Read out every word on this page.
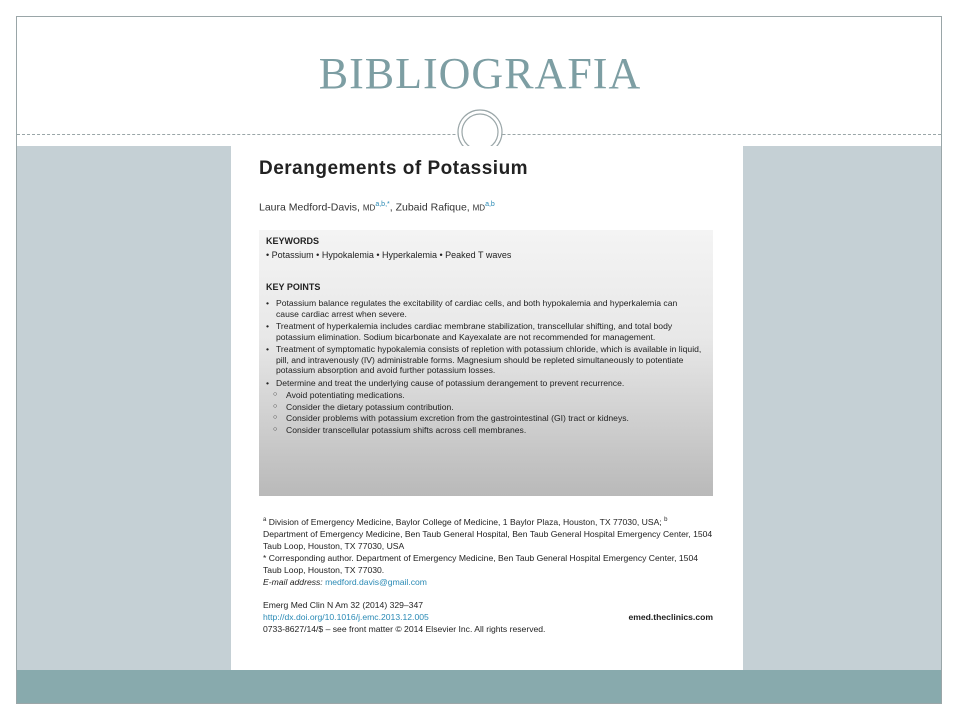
BIBLIOGRAFIA
Derangements of Potassium
Laura Medford-Davis, $MD^{a,b,*}$, Zubaid Rafique, MD$^{a,b}$
KEYWORDS
• Potassium • Hypokalemia • Hyperkalemia • Peaked T waves
KEY POINTS
• Potassium balance regulates the excitability of cardiac cells, and both hypokalemia and hyperkalemia can cause cardiac arrest when severe.
• Treatment of hyperkalemia includes cardiac membrane stabilization, transcellular shifting, and total body potassium elimination. Sodium bicarbonate and Kayexalate are not recommended for management.
• Treatment of symptomatic hypokalemia consists of repletion with potassium chloride, which is available in liquid, pill, and intravenously (IV) administrable forms. Magnesium should be repleted simultaneously to potentiate potassium absorption and avoid further potassium losses.
• Determine and treat the underlying cause of potassium derangement to prevent recurrence.
○ Avoid potentiating medications.
○ Consider the dietary potassium contribution.
○ Consider problems with potassium excretion from the gastrointestinal (GI) tract or kidneys.
○ Consider transcellular potassium shifts across cell membranes.
$^a$ Division of Emergency Medicine, Baylor College of Medicine, 1 Baylor Plaza, Houston, TX 77030, USA; $^b$ Department of Emergency Medicine, Ben Taub General Hospital, Ben Taub General Hospital Emergency Center, 1504 Taub Loop, Houston, TX 77030, USA
* Corresponding author. Department of Emergency Medicine, Ben Taub General Hospital Emergency Center, 1504 Taub Loop, Houston, TX 77030.
E-mail address: medford.davis@gmail.com
Emerg Med Clin N Am 32 (2014) 329–347
http://dx.doi.org/10.1016/j.emc.2013.12.005	emed.theclinics.com
0733-8627/14/$ – see front matter © 2014 Elsevier Inc. All rights reserved.
